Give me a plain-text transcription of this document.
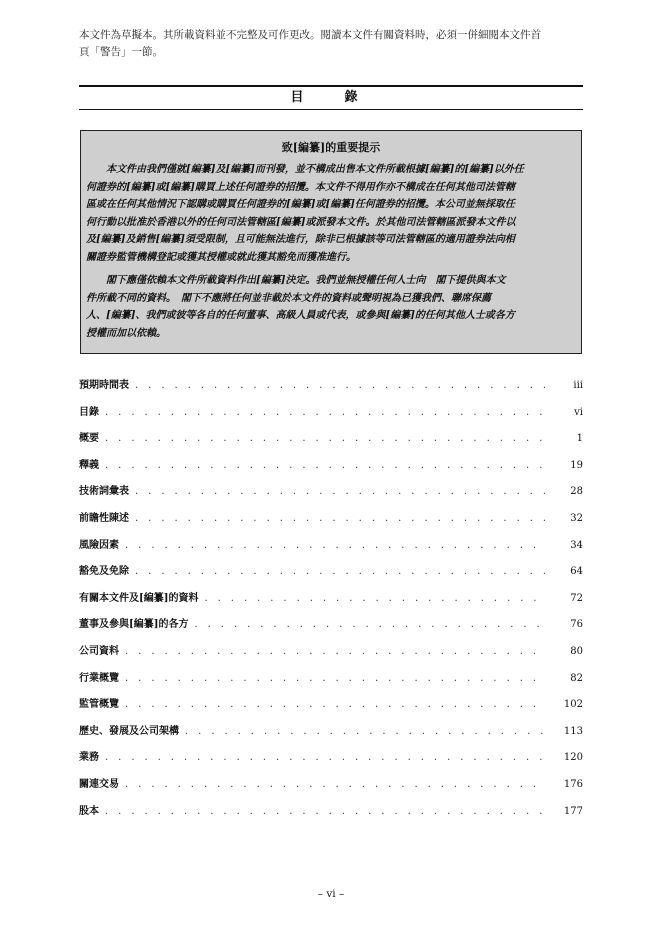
本文件為草擬本。其所載資料並不完整及可作更改。閱讀本文件有關資料時，必須一併細閱本文件首
頁「警告」一節。
目　錄
致[編纂]的重要提示
本文件由我們僅就[編纂]及[編纂]而刊發，並不構成出售本文件所載根據[編纂]的[編纂]以外任
何證券的[編纂]或[編纂]購買上述任何證券的招攬。本文件不得用作亦不構成在任何其他司法管轄
區或在任何其他情況下認購或購買任何證券的[編纂]或[編纂]任何證券的招攬。本公司並無採取任
何行動以批准於香港以外的任何司法管轄區[編纂]或派發本文件。於其他司法管轄區派發本文件以
及[編纂]及銷售[編纂]須受限制，且可能無法進行，除非已根據該等司法管轄區的適用證券法向相
關證券監管機構登記或獲其授權或就此獲其豁免而獲准進行。
閣下應僅依賴本文件所載資料作出[編纂]決定。我們並無授權任何人士向　閣下提供與本文
件所載不同的資料。　閣下不應將任何並非載於本文件的資料或聲明視為已獲我們、聯席保薦
人、[編纂]、我們或彼等各自的任何董事、高級人員或代表，或參與[編纂]的任何其他人士或各方
授權而加以依賴。
預期時間表 . . .	iii
目錄 . . .	vi
概要 . . .	1
釋義 . . .	19
技術詞彙表 . . .	28
前瞻性陳述 . . .	32
風險因素 . . .	34
豁免及免除 . . .	64
有關本文件及[編纂]的資料 . . .	72
董事及參與[編纂]的各方 . . .	76
公司資料 . . .	80
行業概覽 . . .	82
監管概覽 . . .	102
歷史、發展及公司架構 . . .	113
業務 . . .	120
關連交易 . . .	176
股本 . . .	177
– vi –
